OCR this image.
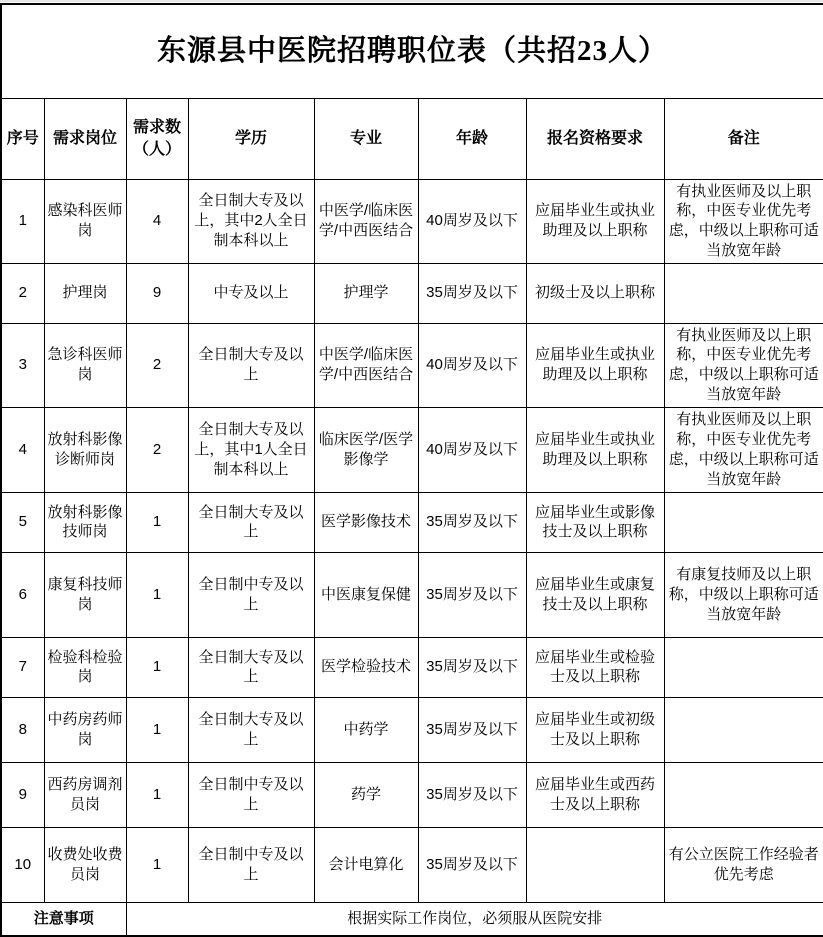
东源县中医院招聘职位表（共招23人）							
序号	需求岗位	需求数（人）	学历	专业	年龄	报名资格要求	备注
1	感染科医师岗	4	全日制大专及以上，其中2人全日制本科以上	中医学/临床医学/中西医结合	40周岁及以下	应届毕业生或执业助理及以上职称	有执业医师及以上职称，中医专业优先考虑，中级以上职称可适当放宽年龄
2	护理岗	9	中专及以上	护理学	35周岁及以下	初级士及以上职称	
3	急诊科医师岗	2	全日制大专及以上	中医学/临床医学/中西医结合	40周岁及以下	应届毕业生或执业助理及以上职称	有执业医师及以上职称，中医专业优先考虑，中级以上职称可适当放宽年龄
4	放射科影像诊断师岗	2	全日制大专及以上，其中1人全日制本科以上	临床医学/医学影像学	40周岁及以下	应届毕业生或执业助理及以上职称	有执业医师及以上职称，中医专业优先考虑，中级以上职称可适当放宽年龄
5	放射科影像技师岗	1	全日制大专及以上	医学影像技术	35周岁及以下	应届毕业生或影像技士及以上职称	
6	康复科技师岗	1	全日制中专及以上	中医康复保健	35周岁及以下	应届毕业生或康复技士及以上职称	有康复技师及以上职称，中级以上职称可适当放宽年龄
7	检验科检验岗	1	全日制大专及以上	医学检验技术	35周岁及以下	应届毕业生或检验士及以上职称	
8	中药房药师岗	1	全日制大专及以上	中药学	35周岁及以下	应届毕业生或初级士及以上职称	
9	西药房调剂员岗	1	全日制中专及以上	药学	35周岁及以下	应届毕业生或西药士及以上职称	
10	收费处收费员岗	1	全日制中专及以上	会计电算化	35周岁及以下		有公立医院工作经验者优先考虑
注意事项		根据实际工作岗位，必须服从医院安排					
